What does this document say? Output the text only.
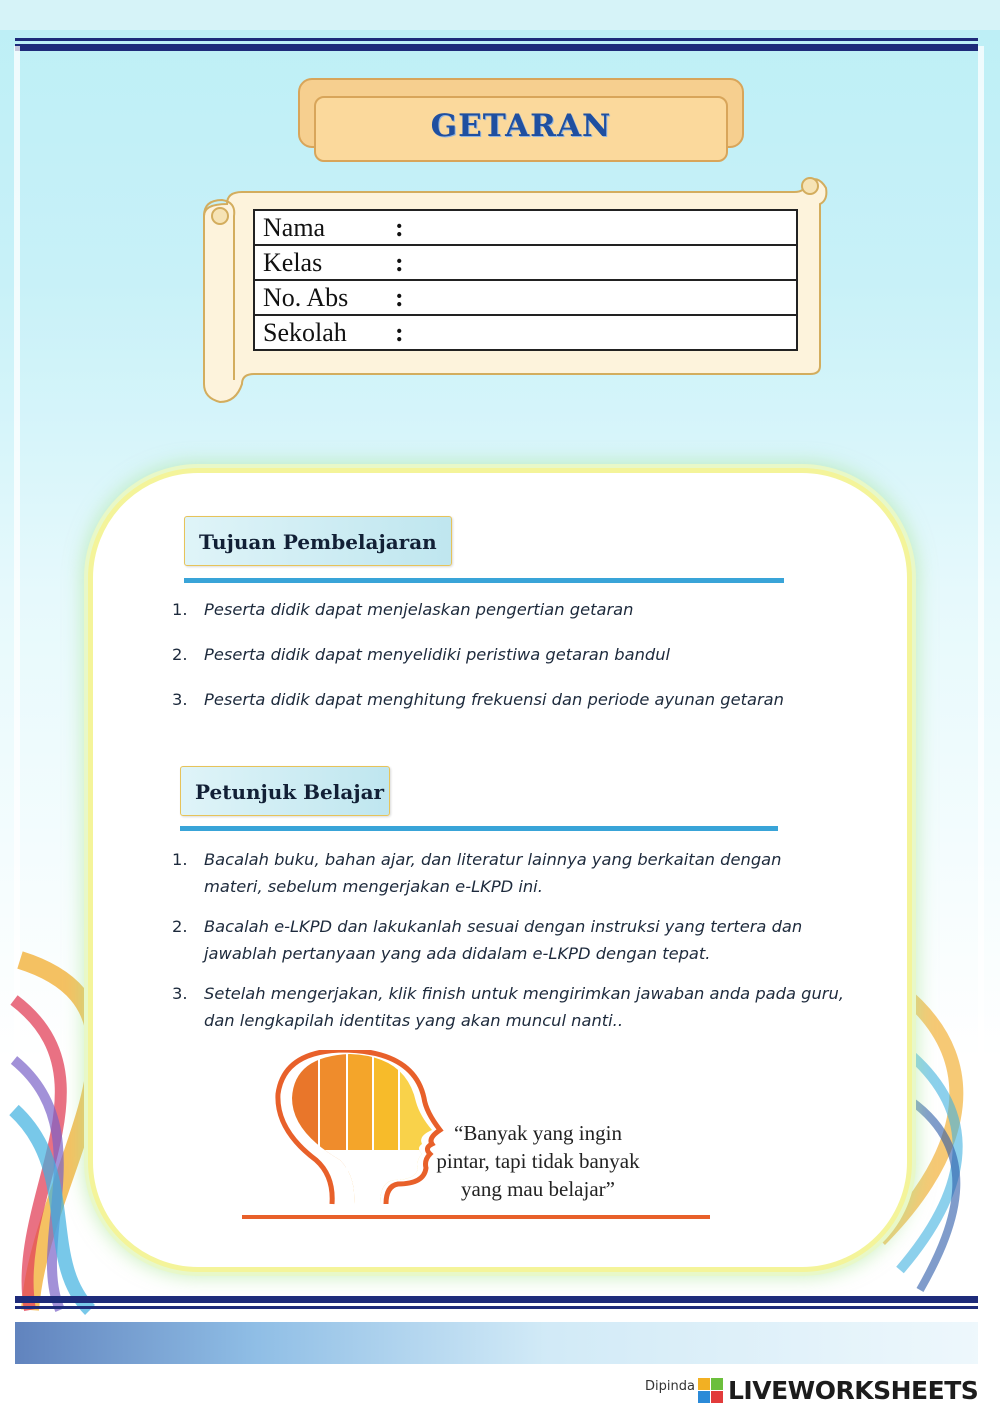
GETARAN
Nama	:
Kelas	:
No. Abs :
Sekolah :
Tujuan Pembelajaran
1. Peserta didik dapat menjelaskan pengertian getaran
2. Peserta didik dapat menyelidiki peristiwa getaran bandul
3. Peserta didik dapat menghitung frekuensi dan periode ayunan getaran
Petunjuk Belajar
1. Bacalah buku, bahan ajar, dan literatur lainnya yang berkaitan dengan materi, sebelum mengerjakan e-LKPD ini.
2. Bacalah e-LKPD dan lakukanlah sesuai dengan instruksi yang tertera dan jawablah pertanyaan yang ada didalam e-LKPD dengan tepat.
3. Setelah mengerjakan, klik finish untuk mengirimkan jawaban anda pada guru, dan lengkapilah identitas yang akan muncul nanti..
“Banyak yang ingin
pintar, tapi tidak banyak
yang mau belajar”
Dipinda LIVEWORKSHEETS
